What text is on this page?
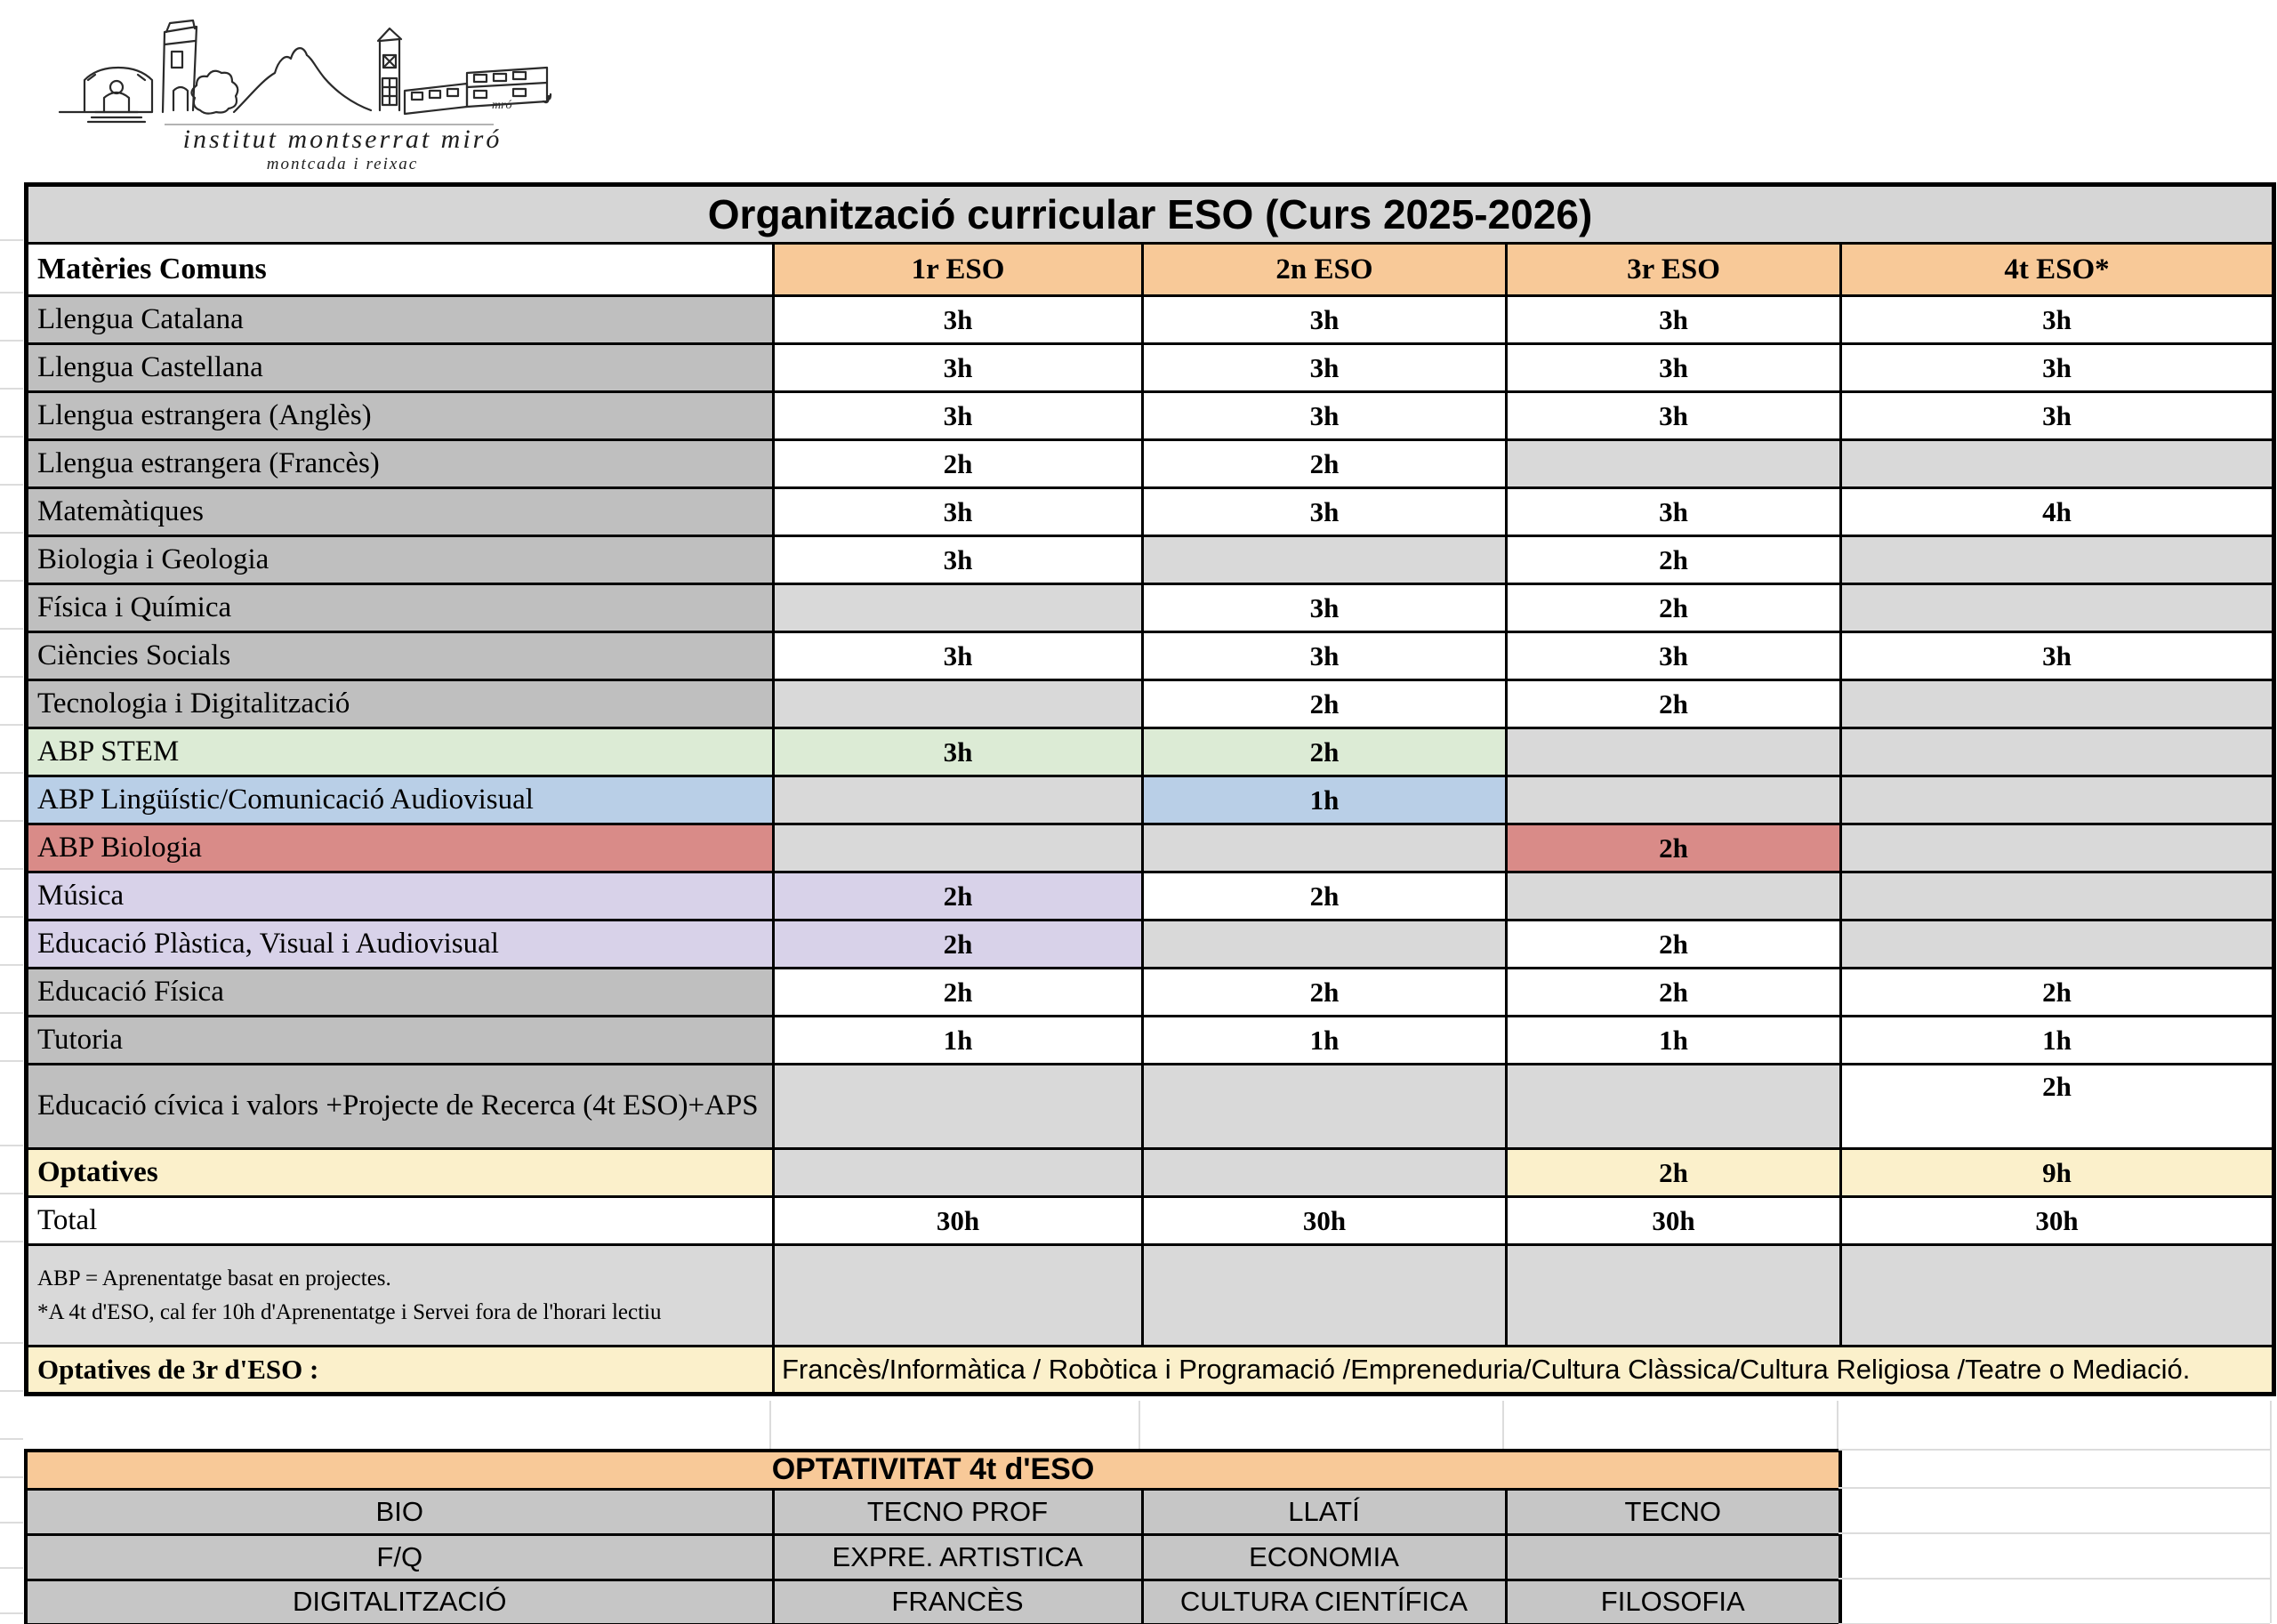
mró
institut montserrat miró
montcada i reixac
Organització curricular ESO (Curs 2025-2026)				
Matèries Comuns	1r ESO	2n ESO	3r ESO	4t ESO*
Llengua Catalana	3h	3h	3h	3h
Llengua Castellana	3h	3h	3h	3h
Llengua estrangera (Anglès)	3h	3h	3h	3h
Llengua estrangera (Francès)	2h	2h		
Matemàtiques	3h	3h	3h	4h
Biologia i Geologia	3h		2h	
Física i Química		3h	2h	
Ciències Socials	3h	3h	3h	3h
Tecnologia i Digitalització		2h	2h	
ABP STEM	3h	2h		
ABP Lingüístic/Comunicació Audiovisual		1h		
ABP Biologia			2h	
Música	2h	2h		
Educació Plàstica, Visual i Audiovisual	2h		2h	
Educació Física	2h	2h	2h	2h
Tutoria	1h	1h	1h	1h
Educació cívica i valors +Projecte de Recerca (4t ESO)+APS				2h
Optatives			2h	9h
Total	30h	30h	30h	30h

ABP = Aprenentatge basat en projectes.
*A 4t d'ESO, cal fer 10h d'Aprenentatge i Servei fora de l'horari lectiu				

Optatives de 3r d'ESO :	Francès/Informàtica / Robòtica i Programació /Empreneduria/Cultura Clàssica/Cultura Religiosa /Teatre o Mediació.			
OPTATIVITAT 4t d'ESO			
BIO	TECNO PROF	LLATÍ	TECNO
F/Q	EXPRE. ARTISTICA	ECONOMIA	
DIGITALITZACIÓ	FRANCÈS	CULTURA CIENTÍFICA	FILOSOFIA
